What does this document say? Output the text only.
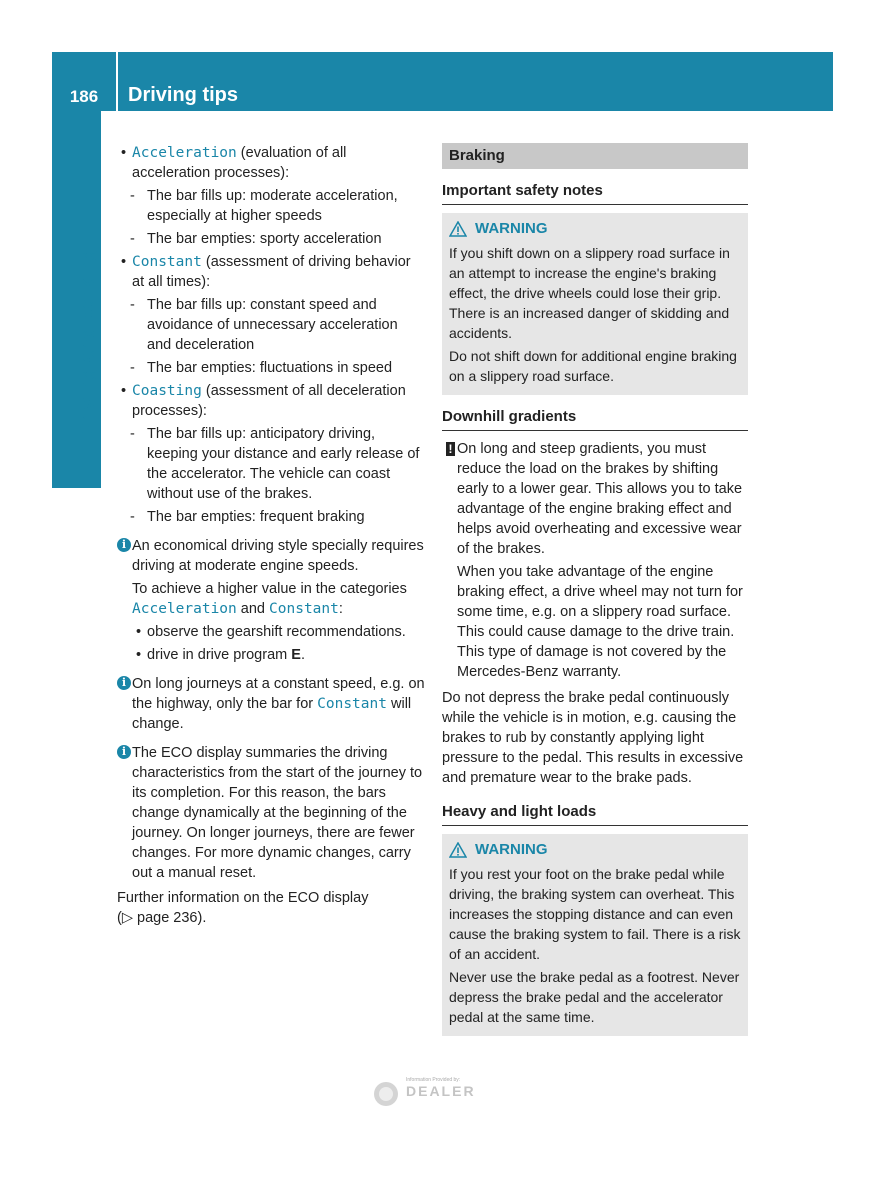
186	Driving tips
Driving and parking
• Acceleration (evaluation of all acceleration processes):
- The bar fills up: moderate acceleration, especially at higher speeds
- The bar empties: sporty acceleration
• Constant (assessment of driving behavior at all times):
- The bar fills up: constant speed and avoidance of unnecessary acceleration and deceleration
- The bar empties: fluctuations in speed
• Coasting (assessment of all deceleration processes):
- The bar fills up: anticipatory driving, keeping your distance and early release of the accelerator. The vehicle can coast without use of the brakes.
- The bar empties: frequent braking
i An economical driving style specially requires driving at moderate engine speeds.

To achieve a higher value in the categories Acceleration and Constant:

• observe the gearshift recommendations.
• drive in drive program E.
i On long journeys at a constant speed, e.g. on the highway, only the bar for Constant will change.

i The ECO display summaries the driving characteristics from the start of the journey to its completion. For this reason, the bars change dynamically at the beginning of the journey. On longer journeys, there are fewer changes. For more dynamic changes, carry out a manual reset.

Further information on the ECO display
(▷ page 236).
Braking
Important safety notes
WARNING

If you shift down on a slippery road surface in an attempt to increase the engine's braking effect, the drive wheels could lose their grip. There is an increased danger of skidding and accidents.

Do not shift down for additional engine braking on a slippery road surface.

Downhill gradients
! On long and steep gradients, you must reduce the load on the brakes by shifting early to a lower gear. This allows you to take advantage of the engine braking effect and helps avoid overheating and excessive wear of the brakes.

When you take advantage of the engine braking effect, a drive wheel may not turn for some time, e.g. on a slippery road surface. This could cause damage to the drive train. This type of damage is not covered by the Mercedes-Benz warranty.

Do not depress the brake pedal continuously while the vehicle is in motion, e.g. causing the brakes to rub by constantly applying light pressure to the pedal. This results in excessive and premature wear to the brake pads.

Heavy and light loads
WARNING

If you rest your foot on the brake pedal while driving, the braking system can overheat. This increases the stopping distance and can even cause the braking system to fail. There is a risk of an accident.

Never use the brake pedal as a footrest. Never depress the brake pedal and the accelerator pedal at the same time.

Information Provided by:
DEALER
